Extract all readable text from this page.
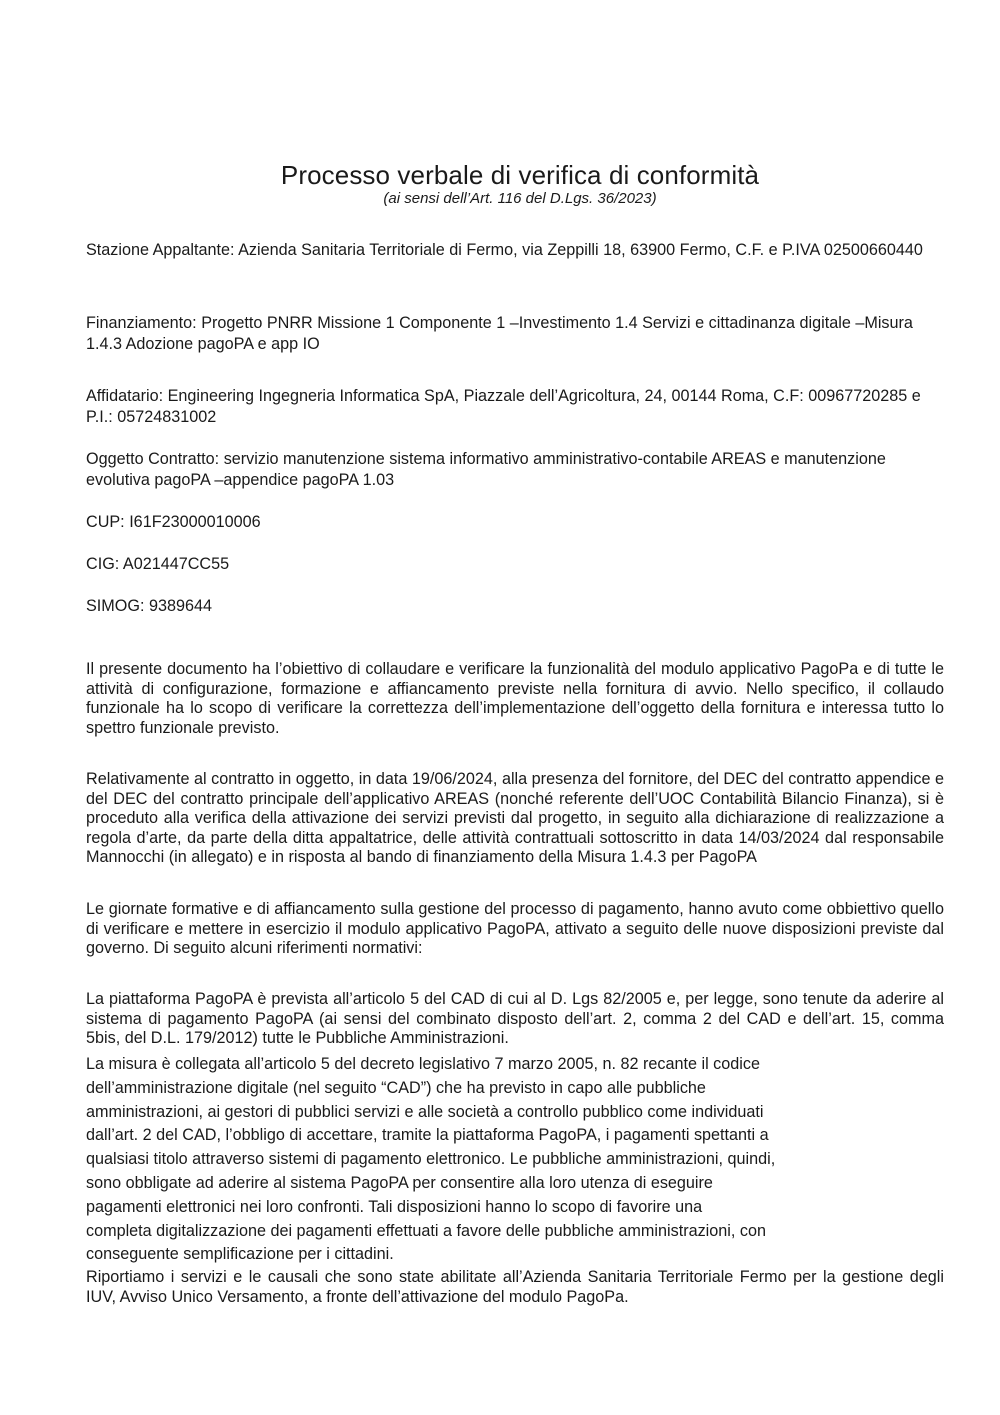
Processo verbale di verifica di conformità
(ai sensi dell’Art. 116 del D.Lgs. 36/2023)
Stazione Appaltante: Azienda Sanitaria Territoriale di Fermo, via Zeppilli 18, 63900 Fermo, C.F. e P.IVA 02500660440
Finanziamento: Progetto PNRR Missione 1 Componente 1 –Investimento 1.4 Servizi e cittadinanza digitale –Misura 1.4.3 Adozione pagoPA e app IO
Affidatario: Engineering Ingegneria Informatica SpA, Piazzale dell’Agricoltura, 24, 00144 Roma, C.F: 00967720285 e P.I.: 05724831002
Oggetto Contratto: servizio manutenzione sistema informativo amministrativo-contabile AREAS e manutenzione evolutiva pagoPA –appendice pagoPA 1.03
CUP: I61F23000010006
CIG: A021447CC55
SIMOG: 9389644

Il presente documento ha l’obiettivo di collaudare e verificare la funzionalità del modulo applicativo PagoPa e di tutte le attività di configurazione, formazione e affiancamento previste nella fornitura di avvio. Nello specifico, il collaudo funzionale ha lo scopo di verificare la correttezza dell’implementazione dell’oggetto della fornitura e interessa tutto lo spettro funzionale previsto.

Relativamente al contratto in oggetto, in data 19/06/2024, alla presenza del fornitore, del DEC del contratto appendice e del DEC del contratto principale dell’applicativo AREAS (nonché referente dell’UOC Contabilità Bilancio Finanza), si è proceduto alla verifica della attivazione dei servizi previsti dal progetto, in seguito alla dichiarazione di realizzazione a regola d’arte, da parte della ditta appaltatrice, delle attività contrattuali sottoscritto in data 14/03/2024 dal responsabile Mannocchi (in allegato) e in risposta al bando di finanziamento della Misura 1.4.3 per PagoPA

Le giornate formative e di affiancamento sulla gestione del processo di pagamento, hanno avuto come obbiettivo quello di verificare e mettere in esercizio il modulo applicativo PagoPA, attivato a seguito delle nuove disposizioni previste dal governo. Di seguito alcuni riferimenti normativi:

La piattaforma PagoPA è prevista all’articolo 5 del CAD di cui al D. Lgs 82/2005 e, per legge, sono tenute da aderire al sistema di pagamento PagoPA (ai sensi del combinato disposto dell’art. 2, comma 2 del CAD e dell’art. 15, comma 5bis, del D.L. 179/2012) tutte le Pubbliche Amministrazioni.

La misura è collegata all’articolo 5 del decreto legislativo 7 marzo 2005, n. 82 recante il codice
dell’amministrazione digitale (nel seguito “CAD”) che ha previsto in capo alle pubbliche
amministrazioni, ai gestori di pubblici servizi e alle società a controllo pubblico come individuati
dall’art. 2 del CAD, l’obbligo di accettare, tramite la piattaforma PagoPA, i pagamenti spettanti a
qualsiasi titolo attraverso sistemi di pagamento elettronico. Le pubbliche amministrazioni, quindi,
sono obbligate ad aderire al sistema PagoPA per consentire alla loro utenza di eseguire
pagamenti elettronici nei loro confronti. Tali disposizioni hanno lo scopo di favorire una
completa digitalizzazione dei pagamenti effettuati a favore delle pubbliche amministrazioni, con
conseguente semplificazione per i cittadini.

Riportiamo i servizi e le causali che sono state abilitate all’Azienda Sanitaria Territoriale Fermo per la gestione degli IUV, Avviso Unico Versamento, a fronte dell’attivazione del modulo PagoPa.
